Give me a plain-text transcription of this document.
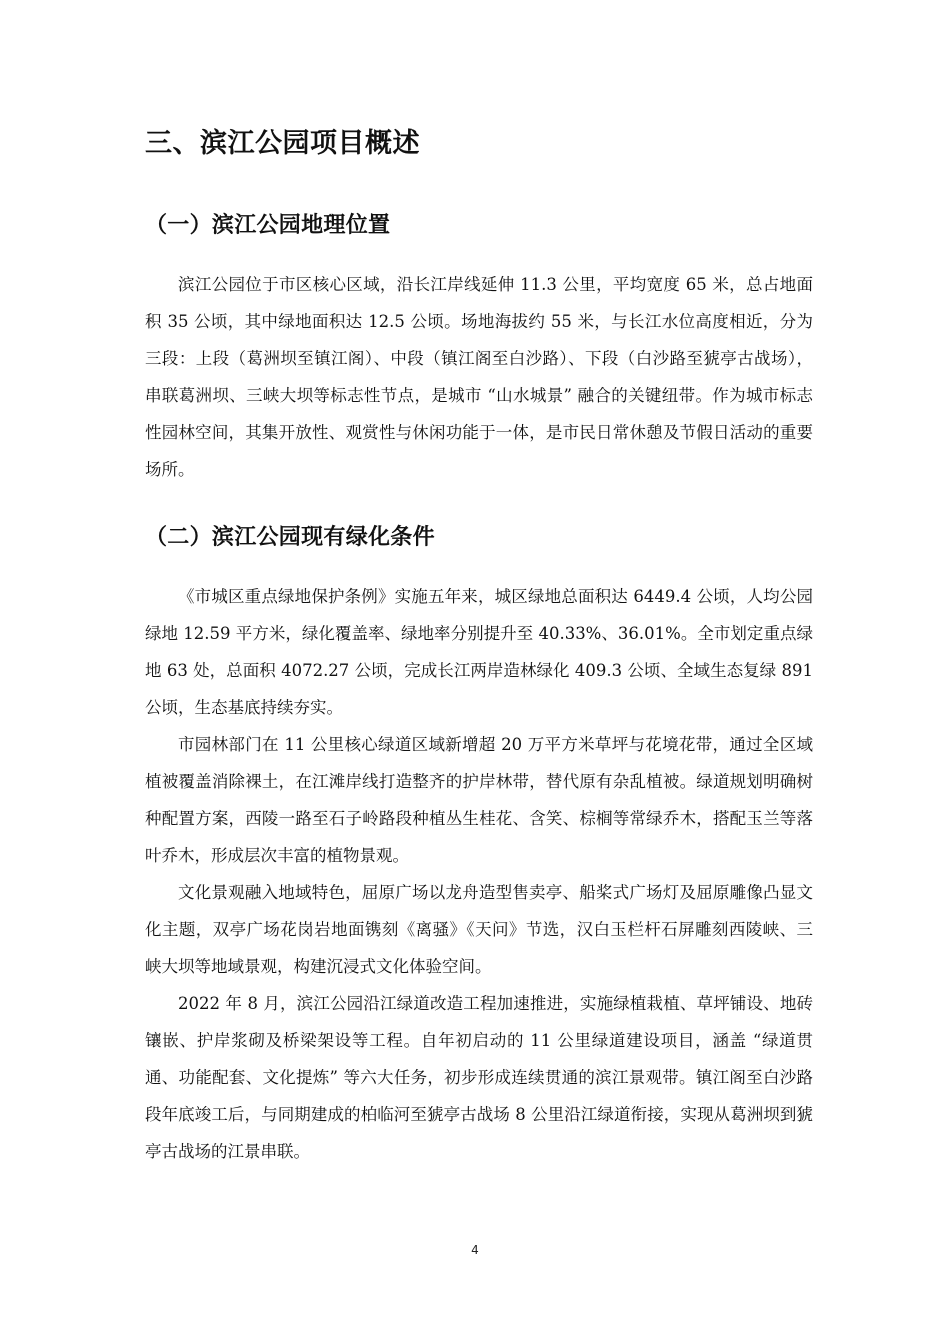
三、滨江公园项目概述
（一）滨江公园地理位置

滨江公园位于市区核心区域，沿长江岸线延伸 11.3 公里，平均宽度 65 米，总占地面积 35 公顷，其中绿地面积达 12.5 公顷。场地海拔约 55 米，与长江水位高度相近，分为三段：上段（葛洲坝至镇江阁）、中段（镇江阁至白沙路）、下段（白沙路至猇亭古战场），串联葛洲坝、三峡大坝等标志性节点，是城市 “山水城景” 融合的关键纽带。作为城市标志性园林空间，其集开放性、观赏性与休闲功能于一体，是市民日常休憩及节假日活动的重要场所。

（二）滨江公园现有绿化条件

《市城区重点绿地保护条例》实施五年来，城区绿地总面积达 6449.4 公顷，人均公园绿地 12.59 平方米，绿化覆盖率、绿地率分别提升至 40.33%、36.01%。全市划定重点绿地 63 处，总面积 4072.27 公顷，完成长江两岸造林绿化 409.3 公顷、全域生态复绿 891 公顷，生态基底持续夯实。

市园林部门在 11 公里核心绿道区域新增超 20 万平方米草坪与花境花带，通过全区域植被覆盖消除裸土，在江滩岸线打造整齐的护岸林带，替代原有杂乱植被。绿道规划明确树种配置方案，西陵一路至石子岭路段种植丛生桂花、含笑、棕榈等常绿乔木，搭配玉兰等落叶乔木，形成层次丰富的植物景观。

文化景观融入地域特色，屈原广场以龙舟造型售卖亭、船桨式广场灯及屈原雕像凸显文化主题，双亭广场花岗岩地面镌刻《离骚》《天问》节选，汉白玉栏杆石屏雕刻西陵峡、三峡大坝等地域景观，构建沉浸式文化体验空间。

2022 年 8 月，滨江公园沿江绿道改造工程加速推进，实施绿植栽植、草坪铺设、地砖镶嵌、护岸浆砌及桥梁架设等工程。自年初启动的 11 公里绿道建设项目，涵盖 “绿道贯通、功能配套、文化提炼” 等六大任务，初步形成连续贯通的滨江景观带。镇江阁至白沙路段年底竣工后，与同期建成的柏临河至猇亭古战场 8 公里沿江绿道衔接，实现从葛洲坝到猇亭古战场的江景串联。

4
